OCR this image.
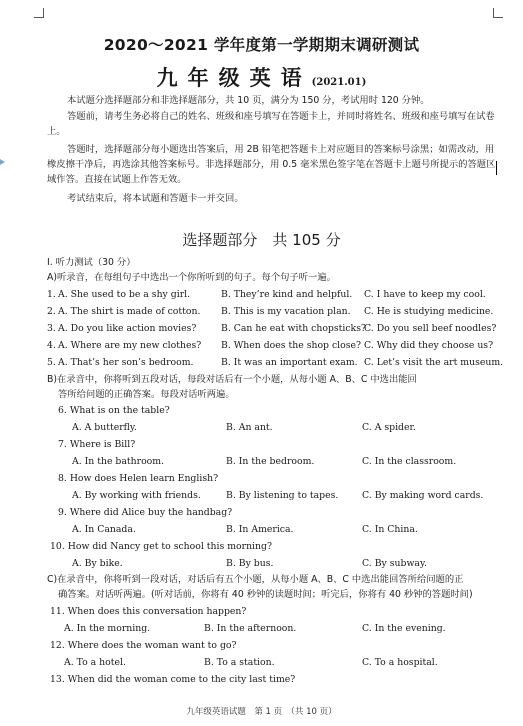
2020～2021 学年度第一学期期末调研测试
九年级英语(2021.01)
本试题分选择题部分和非选择题部分，共 10 页，满分为 150 分，考试用时 120 分钟。
答题前，请考生务必将自己的姓名、班级和座号填写在答题卡上，并同时将姓名、班级和座号填写在试卷上。
答题时，选择题部分每小题选出答案后，用 2B 铅笔把答题卡上对应题目的答案标号涂黑；如需改动，用橡皮擦干净后，再选涂其他答案标号。非选择题部分，用 0.5 毫米黑色签字笔在答题卡上题号所提示的答题区域作答。直接在试题上作答无效。
考试结束后，将本试题和答题卡一并交回。
选择题部分　共 105 分
I. 听力测试（30 分）
A)听录音，在每组句子中选出一个你所听到的句子。每个句子听一遍。
1. A. She used to be a shy girl.	B. They’re kind and helpful. C. I have to keep my cool.
2. A. The shirt is made of cotton. B. This is my vacation plan. C. He is studying medicine.
3. A. Do you like action movies?	B. Can he eat with chopsticks?
C. Do you sell beef noodles?
4. A. Where are my new clothes? B. When does the shop close? C. Why did they choose us?
5. A. That’s her son’s bedroom.	B. It was an important exam. C. Let’s visit the art museum.
B)在录音中，你将听到五段对话，每段对话后有一个小题，从每小题 A、B、C 中选出能回
答所给问题的正确答案。每段对话听两遍。
6. What is on the table?
A. A butterfly.	B. An ant.	C. A spider.
7. Where is Bill?
A. In the bathroom.	B. In the bedroom.	C. In the classroom.
8. How does Helen learn English?
A. By working with friends.	B. By listening to tapes.	C. By making word cards.
9. Where did Alice buy the handbag?
A. In Canada.	B. In America.	C. In China.
10. How did Nancy get to school this morning?
A. By bike.	B. By bus.	C. By subway.
C)在录音中，你将听到一段对话，对话后有五个小题，从每小题 A、B、C 中选出能回答所给问题的正
确答案。对话听两遍。(听对话前，你将有 40 秒钟的读题时间；听完后，你将有 40 秒钟的答题时间)
11. When does this conversation happen?
A. In the morning.	B. In the afternoon.	C. In the evening.
12. Where does the woman want to go?
A. To a hotel.	B. To a station.	C. To a hospital.
13. When did the woman come to the city last time?
九年级英语试题　第 1 页　（共 10 页）
